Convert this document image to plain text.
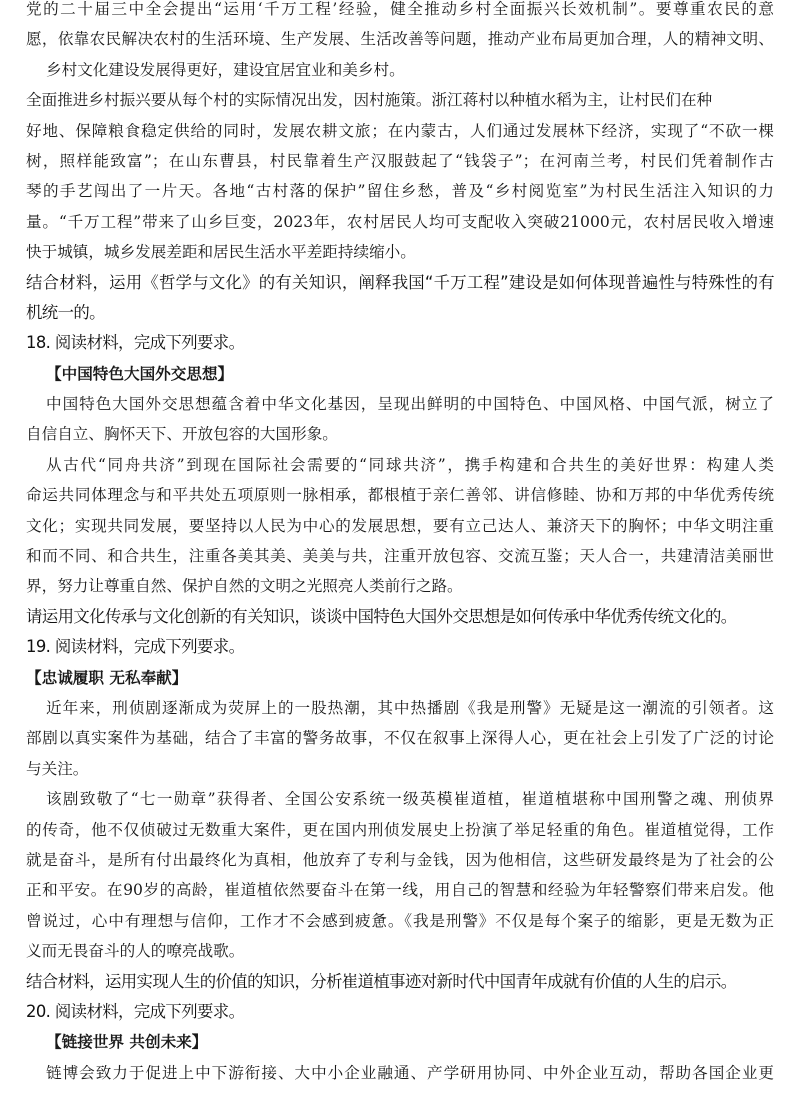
党的二十届三中全会提出“运用‘千万工程’经验，健全推动乡村全面振兴长效机制”。要尊重农民的意
愿，依靠农民解决农村的生活环境、生产发展、生活改善等问题，推动产业布局更加合理，人的精神文明、
乡村文化建设发展得更好，建设宜居宜业和美乡村。
全面推进乡村振兴要从每个村的实际情况出发，因村施策。浙江蒋村以种植水稻为主，让村民们在种
好地、保障粮食稳定供给的同时，发展农耕文旅；在内蒙古，人们通过发展林下经济，实现了“不砍一棵
树，照样能致富”；在山东曹县，村民靠着生产汉服鼓起了“钱袋子”；在河南兰考，村民们凭着制作古
琴的手艺闯出了一片天。各地“古村落的保护”留住乡愁，普及“乡村阅览室”为村民生活注入知识的力
量。“千万工程”带来了山乡巨变，2023年，农村居民人均可支配收入突破21000元，农村居民收入增速
快于城镇，城乡发展差距和居民生活水平差距持续缩小。
结合材料，运用《哲学与文化》的有关知识，阐释我国“千万工程”建设是如何体现普遍性与特殊性的有
机统一的。
18. 阅读材料，完成下列要求。
【中国特色大国外交思想】
中国特色大国外交思想蕴含着中华文化基因，呈现出鲜明的中国特色、中国风格、中国气派，树立了
自信自立、胸怀天下、开放包容的大国形象。
从古代“同舟共济”到现在国际社会需要的“同球共济”，携手构建和合共生的美好世界：构建人类
命运共同体理念与和平共处五项原则一脉相承，都根植于亲仁善邻、讲信修睦、协和万邦的中华优秀传统
文化；实现共同发展，要坚持以人民为中心的发展思想，要有立己达人、兼济天下的胸怀；中华文明注重
和而不同、和合共生，注重各美其美、美美与共，注重开放包容、交流互鉴；天人合一，共建清洁美丽世
界，努力让尊重自然、保护自然的文明之光照亮人类前行之路。
请运用文化传承与文化创新的有关知识，谈谈中国特色大国外交思想是如何传承中华优秀传统文化的。
19. 阅读材料，完成下列要求。
【忠诚履职 无私奉献】
近年来，刑侦剧逐渐成为荧屏上的一股热潮，其中热播剧《我是刑警》无疑是这一潮流的引领者。这
部剧以真实案件为基础，结合了丰富的警务故事，不仅在叙事上深得人心，更在社会上引发了广泛的讨论
与关注。
该剧致敬了“七一勋章”获得者、全国公安系统一级英模崔道植，崔道植堪称中国刑警之魂、刑侦界
的传奇，他不仅侦破过无数重大案件，更在国内刑侦发展史上扮演了举足轻重的角色。崔道植觉得，工作
就是奋斗，是所有付出最终化为真相，他放弃了专利与金钱，因为他相信，这些研发最终是为了社会的公
正和平安。在90岁的高龄，崔道植依然要奋斗在第一线，用自己的智慧和经验为年轻警察们带来启发。他
曾说过，心中有理想与信仰，工作才不会感到疲惫。《我是刑警》不仅是每个案子的缩影，更是无数为正
义而无畏奋斗的人的嘹亮战歌。
结合材料，运用实现人生的价值的知识，分析崔道植事迹对新时代中国青年成就有价值的人生的启示。
20. 阅读材料，完成下列要求。
【链接世界 共创未来】
链博会致力于促进上中下游衔接、大中小企业融通、产学研用协同、中外企业互动，帮助各国企业更
